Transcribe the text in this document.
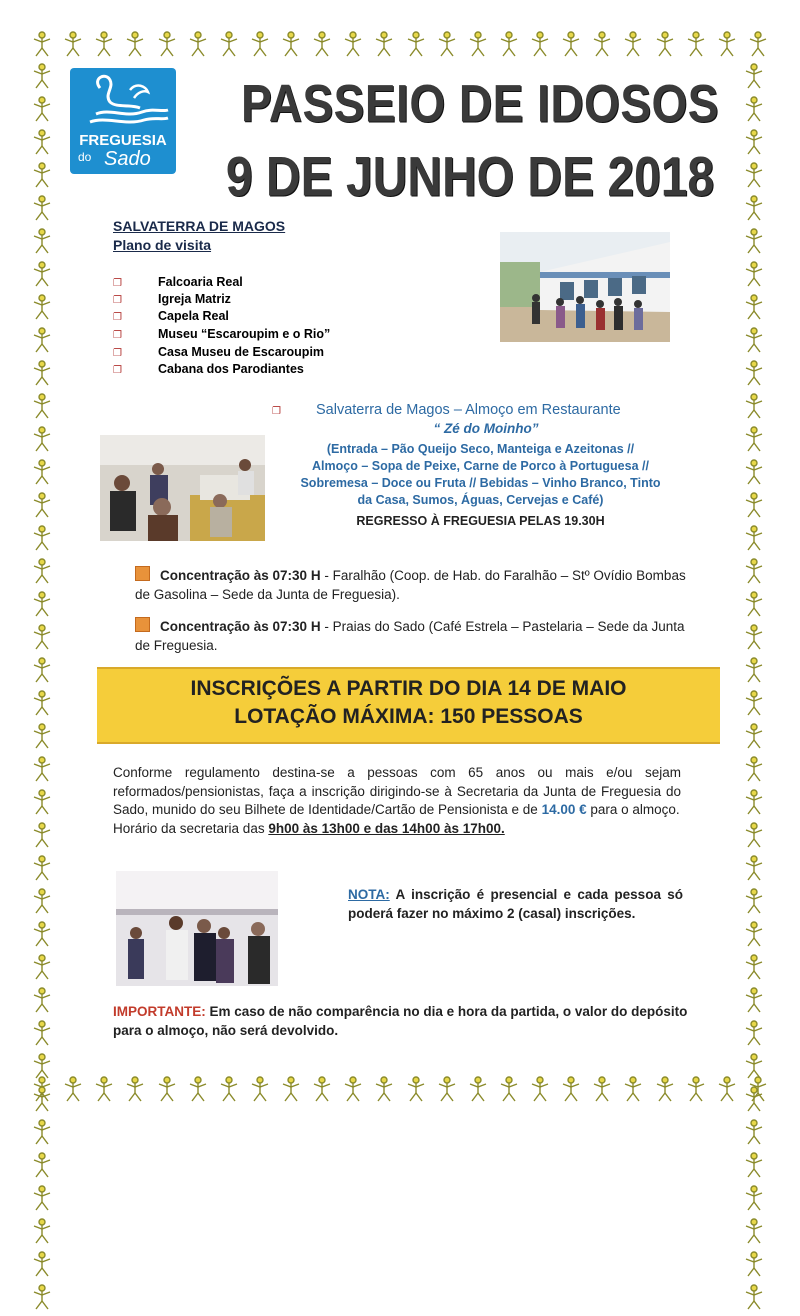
FREGUESIA
do Sado
PASSEIO DE IDOSOS
9 DE JUNHO DE 2018
SALVATERRA DE MAGOS
Plano de visita
❐	Falcoaria Real
❐	Igreja Matriz
❐	Capela Real
❐	Museu “Escaroupim e o Rio”
❐	Casa Museu de Escaroupim
❐	Cabana dos Parodiantes
❐ Salvaterra de Magos – Almoço em Restaurante
“ Zé do Moinho”
(Entrada – Pão Queijo Seco, Manteiga e Azeitonas //
Almoço – Sopa de Peixe, Carne de Porco à Portuguesa //
Sobremesa – Doce ou Fruta // Bebidas – Vinho Branco, Tinto
da Casa, Sumos, Águas, Cervejas e Café)
REGRESSO À FREGUESIA PELAS 19.30H
Concentração às 07:30 H - Faralhão (Coop. de Hab. do Faralhão – Stº Ovídio Bombas de Gasolina – Sede da Junta de Freguesia).
Concentração às 07:30 H - Praias do Sado (Café Estrela – Pastelaria – Sede da Junta de Freguesia.
INSCRIÇÕES A PARTIR DO DIA 14 DE MAIO
LOTAÇÃO MÁXIMA: 150 PESSOAS
Conforme regulamento destina-se a pessoas com 65 anos ou mais e/ou sejam reformados/pensionistas, faça a inscrição dirigindo-se à Secretaria da Junta de Freguesia do Sado, munido do seu Bilhete de Identidade/Cartão de Pensionista e de 14.00 € para o almoço.
Horário da secretaria das 9h00 às 13h00 e das 14h00 às 17h00.
NOTA: A inscrição é presencial e cada pessoa só poderá fazer no máximo 2 (casal) inscrições.
IMPORTANTE: Em caso de não comparência no dia e hora da partida, o valor do depósito para o almoço, não será devolvido.
